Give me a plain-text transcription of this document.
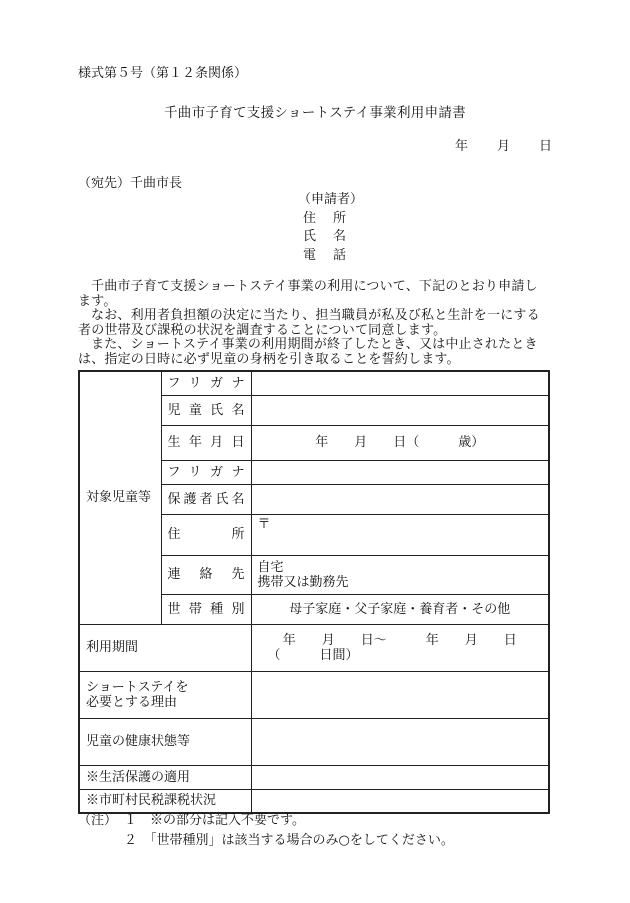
様式第５号（第１２条関係）
千曲市子育て支援ショートステイ事業利用申請書
年 月 日
（宛先）千曲市長
（申請者）
住　所
氏　名
電　話
千曲市子育て支援ショートステイ事業の利用について、下記のとおり申請します。
なお、利用者負担額の決定に当たり、担当職員が私及び私と生計を一にする者の世帯及び課税の状況を調査することについて同意します。
また、ショートステイ事業の利用期間が終了したとき、又は中止されたときは、指定の日時に必ず児童の身柄を引き取ることを誓約します。
対象児童等	フリガナ	
	児童氏名	
	生年月日	年　　月　　日（　　　歳）
	フリガナ	
	保護者氏名	
	住　　　所	〒
	連　絡　先	自宅
携帯又は勤務先

	世帯種別	母子家庭・父子家庭・養育者・その他

利用期間		年　　月　　日～　　　年　　月　　日
（　　　日間）

ショートステイを
必要とする理由		

児童の健康状態等		
※生活保護の適用		
※市町村民税課税状況		
（注） １　※の部分は記入不要です。
２　「世帯種別」は該当する場合のみ○をしてください。
